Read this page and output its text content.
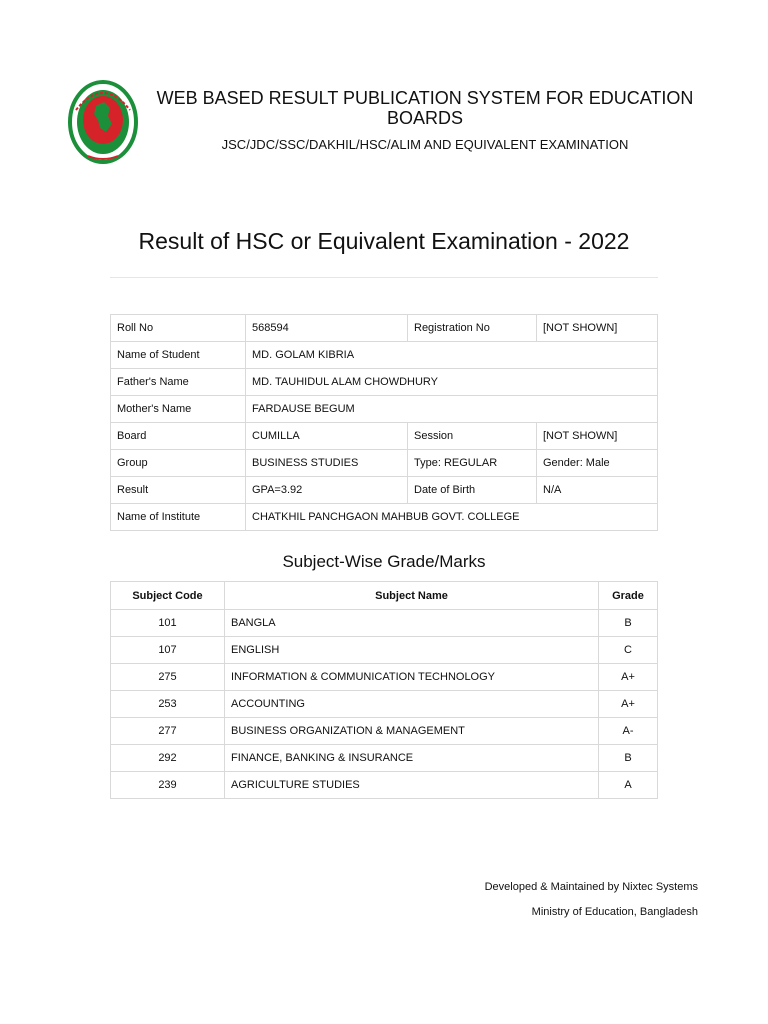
WEB BASED RESULT PUBLICATION SYSTEM FOR EDUCATION BOARDS
JSC/JDC/SSC/DAKHIL/HSC/ALIM AND EQUIVALENT EXAMINATION
Result of HSC or Equivalent Examination - 2022
Roll No	568594	Registration No	[NOT SHOWN]
Name of Student	MD. GOLAM KIBRIA		
Father's Name	MD. TAUHIDUL ALAM CHOWDHURY		
Mother's Name	FARDAUSE BEGUM		
Board	CUMILLA	Session	[NOT SHOWN]
Group	BUSINESS STUDIES	Type: REGULAR	Gender: Male
Result	GPA=3.92	Date of Birth	N/A
Name of Institute	CHATKHIL PANCHGAON MAHBUB GOVT. COLLEGE		
Subject-Wise Grade/Marks
Subject Code	Subject Name	Grade
101	BANGLA	B
107	ENGLISH	C
275	INFORMATION & COMMUNICATION TECHNOLOGY	A+
253	ACCOUNTING	A+
277	BUSINESS ORGANIZATION & MANAGEMENT	A-
292	FINANCE, BANKING & INSURANCE	B
239	AGRICULTURE STUDIES	A
Developed & Maintained by Nixtec Systems
Ministry of Education, Bangladesh
